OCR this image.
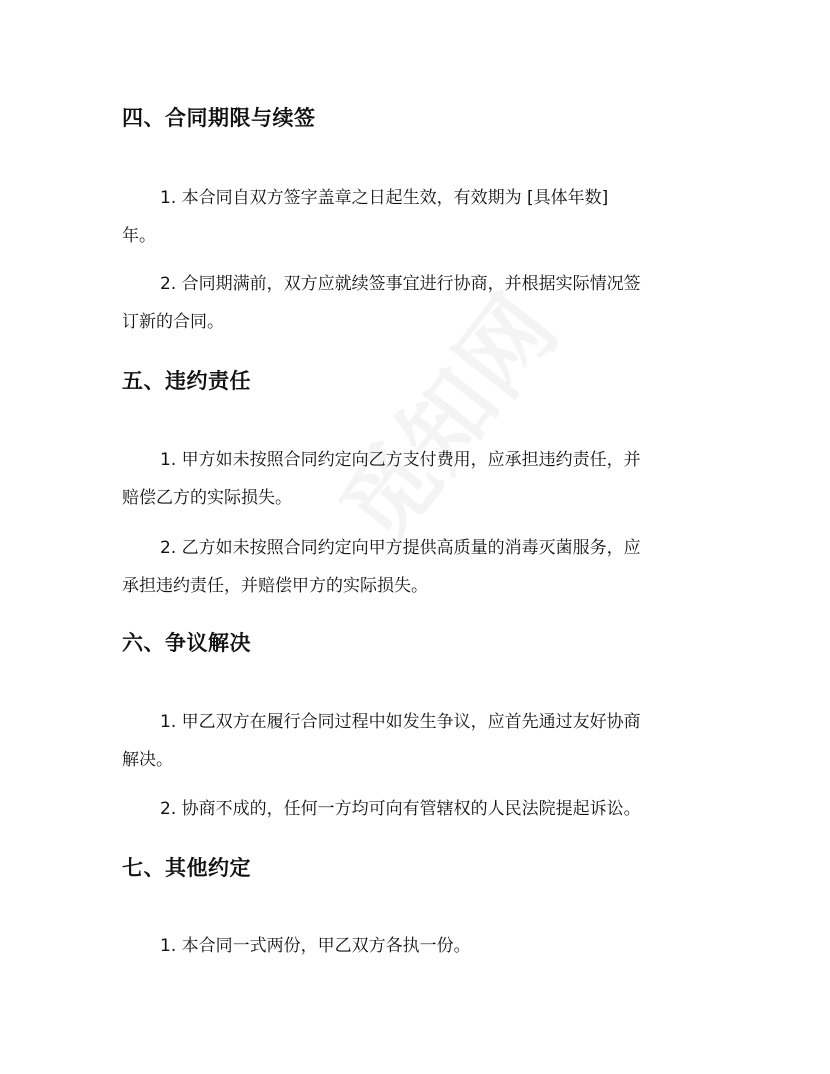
四、合同期限与续签
1. 本合同自双方签字盖章之日起生效，有效期为 [具体年数]
年。
2. 合同期满前，双方应就续签事宜进行协商，并根据实际情况签
订新的合同。
五、违约责任
1. 甲方如未按照合同约定向乙方支付费用，应承担违约责任，并
赔偿乙方的实际损失。
2. 乙方如未按照合同约定向甲方提供高质量的消毒灭菌服务，应
承担违约责任，并赔偿甲方的实际损失。
六、争议解决
1. 甲乙双方在履行合同过程中如发生争议，应首先通过友好协商
解决。
2. 协商不成的，任何一方均可向有管辖权的人民法院提起诉讼。
七、其他约定
1. 本合同一式两份，甲乙双方各执一份。
